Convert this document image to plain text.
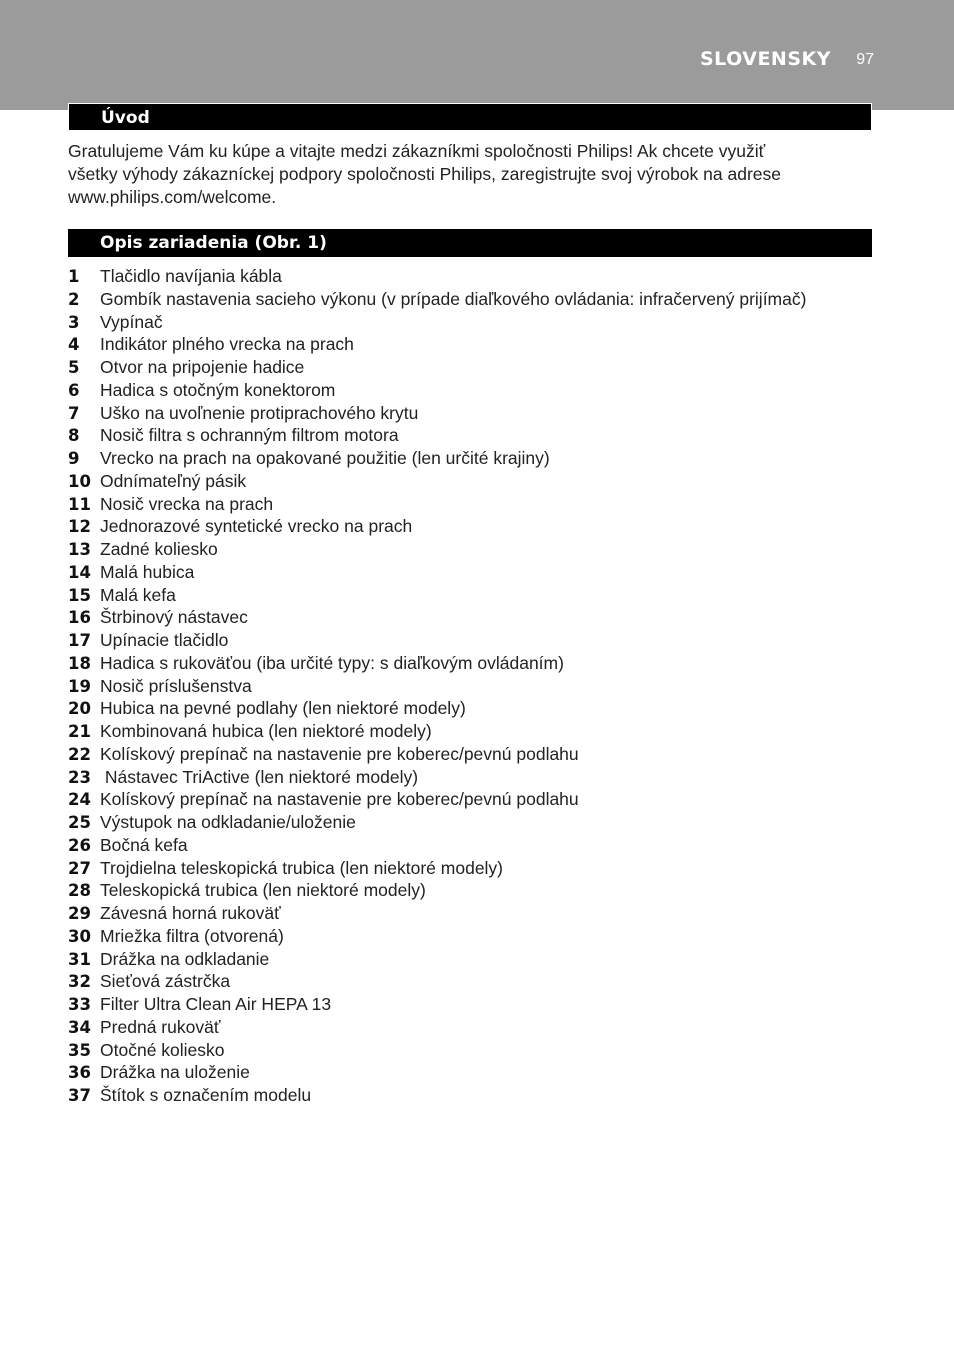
SLOVENSKY 97
Úvod
Gratulujeme Vám ku kúpe a vitajte medzi zákazníkmi spoločnosti Philips! Ak chcete využiť
všetky výhody zákazníckej podpory spoločnosti Philips, zaregistrujte svoj výrobok na adrese
www.philips.com/welcome.
Opis zariadenia (Obr. 1)
1 Tlačidlo navíjania kábla
2 Gombík nastavenia sacieho výkonu (v prípade diaľkového ovládania: infračervený prijímač)
3 Vypínač
4 Indikátor plného vrecka na prach
5 Otvor na pripojenie hadice
6 Hadica s otočným konektorom
7 Uško na uvoľnenie protiprachového krytu
8 Nosič filtra s ochranným filtrom motora
9 Vrecko na prach na opakované použitie (len určité krajiny)
10 Odnímateľný pásik
11 Nosič vrecka na prach
12 Jednorazové syntetické vrecko na prach
13 Zadné koliesko
14 Malá hubica
15 Malá kefa
16 Štrbinový nástavec
17 Upínacie tlačidlo
18 Hadica s rukoväťou (iba určité typy: s diaľkovým ovládaním)
19 Nosič príslušenstva
20 Hubica na pevné podlahy (len niektoré modely)
21 Kombinovaná hubica (len niektoré modely)
22 Kolískový prepínač na nastavenie pre koberec/pevnú podlahu
23 Nástavec TriActive (len niektoré modely)
24 Kolískový prepínač na nastavenie pre koberec/pevnú podlahu
25 Výstupok na odkladanie/uloženie
26 Bočná kefa
27 Trojdielna teleskopická trubica (len niektoré modely)
28 Teleskopická trubica (len niektoré modely)
29 Závesná horná rukoväť
30 Mriežka filtra (otvorená)
31 Drážka na odkladanie
32 Sieťová zástrčka
33 Filter Ultra Clean Air HEPA 13
34 Predná rukoväť
35 Otočné koliesko
36 Drážka na uloženie
37 Štítok s označením modelu
